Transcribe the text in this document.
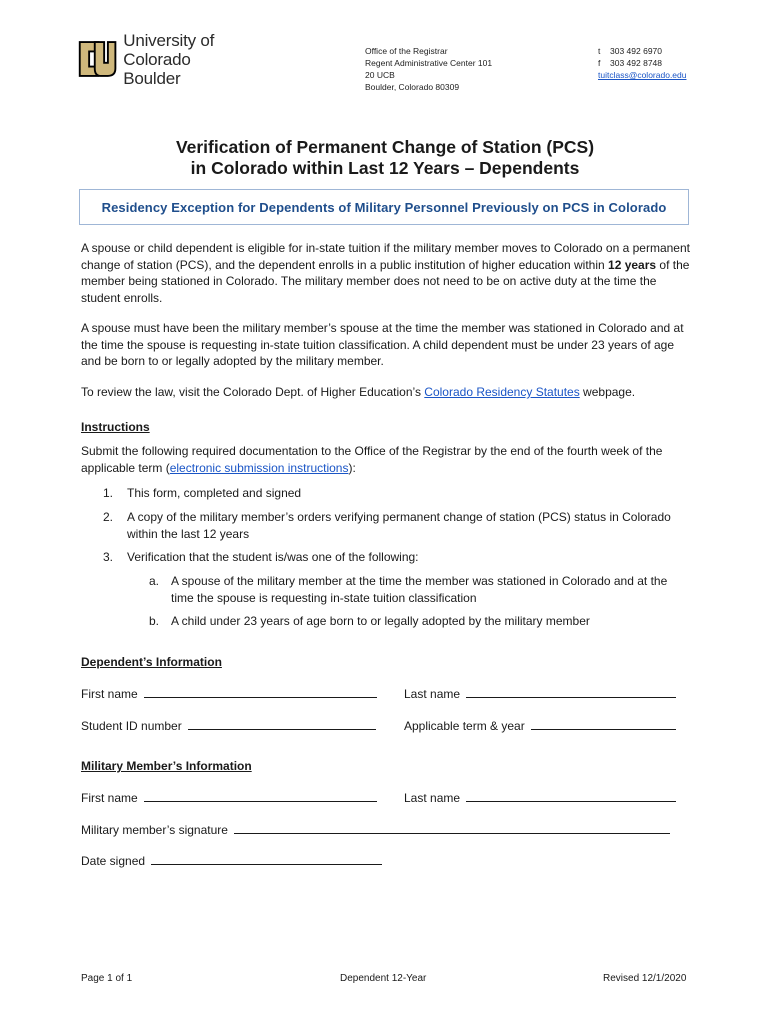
University of Colorado
Boulder
Office of the Registrar
Regent Administrative Center 101
20 UCB
Boulder, Colorado 80309
t 303 492 6970
f 303 492 8748
tuitclass@colorado.edu
Verification of Permanent Change of Station (PCS)
in Colorado within Last 12 Years – Dependents
Residency Exception for Dependents of Military Personnel Previously on PCS in Colorado
A spouse or child dependent is eligible for in-state tuition if the military member moves to Colorado on a permanent change of station (PCS), and the dependent enrolls in a public institution of higher education within 12 years of the member being stationed in Colorado. The military member does not need to be on active duty at the time the student enrolls.
A spouse must have been the military member’s spouse at the time the member was stationed in Colorado and at the time the spouse is requesting in-state tuition classification. A child dependent must be under 23 years of age and be born to or legally adopted by the military member.
To review the law, visit the Colorado Dept. of Higher Education’s Colorado Residency Statutes webpage.
Instructions
Submit the following required documentation to the Office of the Registrar by the end of the fourth week of the applicable term (electronic submission instructions):
1. This form, completed and signed
2.	A copy of the military member’s orders verifying permanent change of station (PCS) status in Colorado within the last 12 years
3. Verification that the student is/was one of the following:
a. A spouse of the military member at the time the member was stationed in Colorado and at the time the spouse is requesting in-state tuition classification
b. A child under 23 years of age born to or legally adopted by the military member
Dependent’s Information
First name	Last name
Student ID number	Applicable term & year
Military Member’s Information
First name	Last name
Military member’s signature
Date signed
Page 1 of 1	Dependent 12-Year	Revised 12/1/2020
